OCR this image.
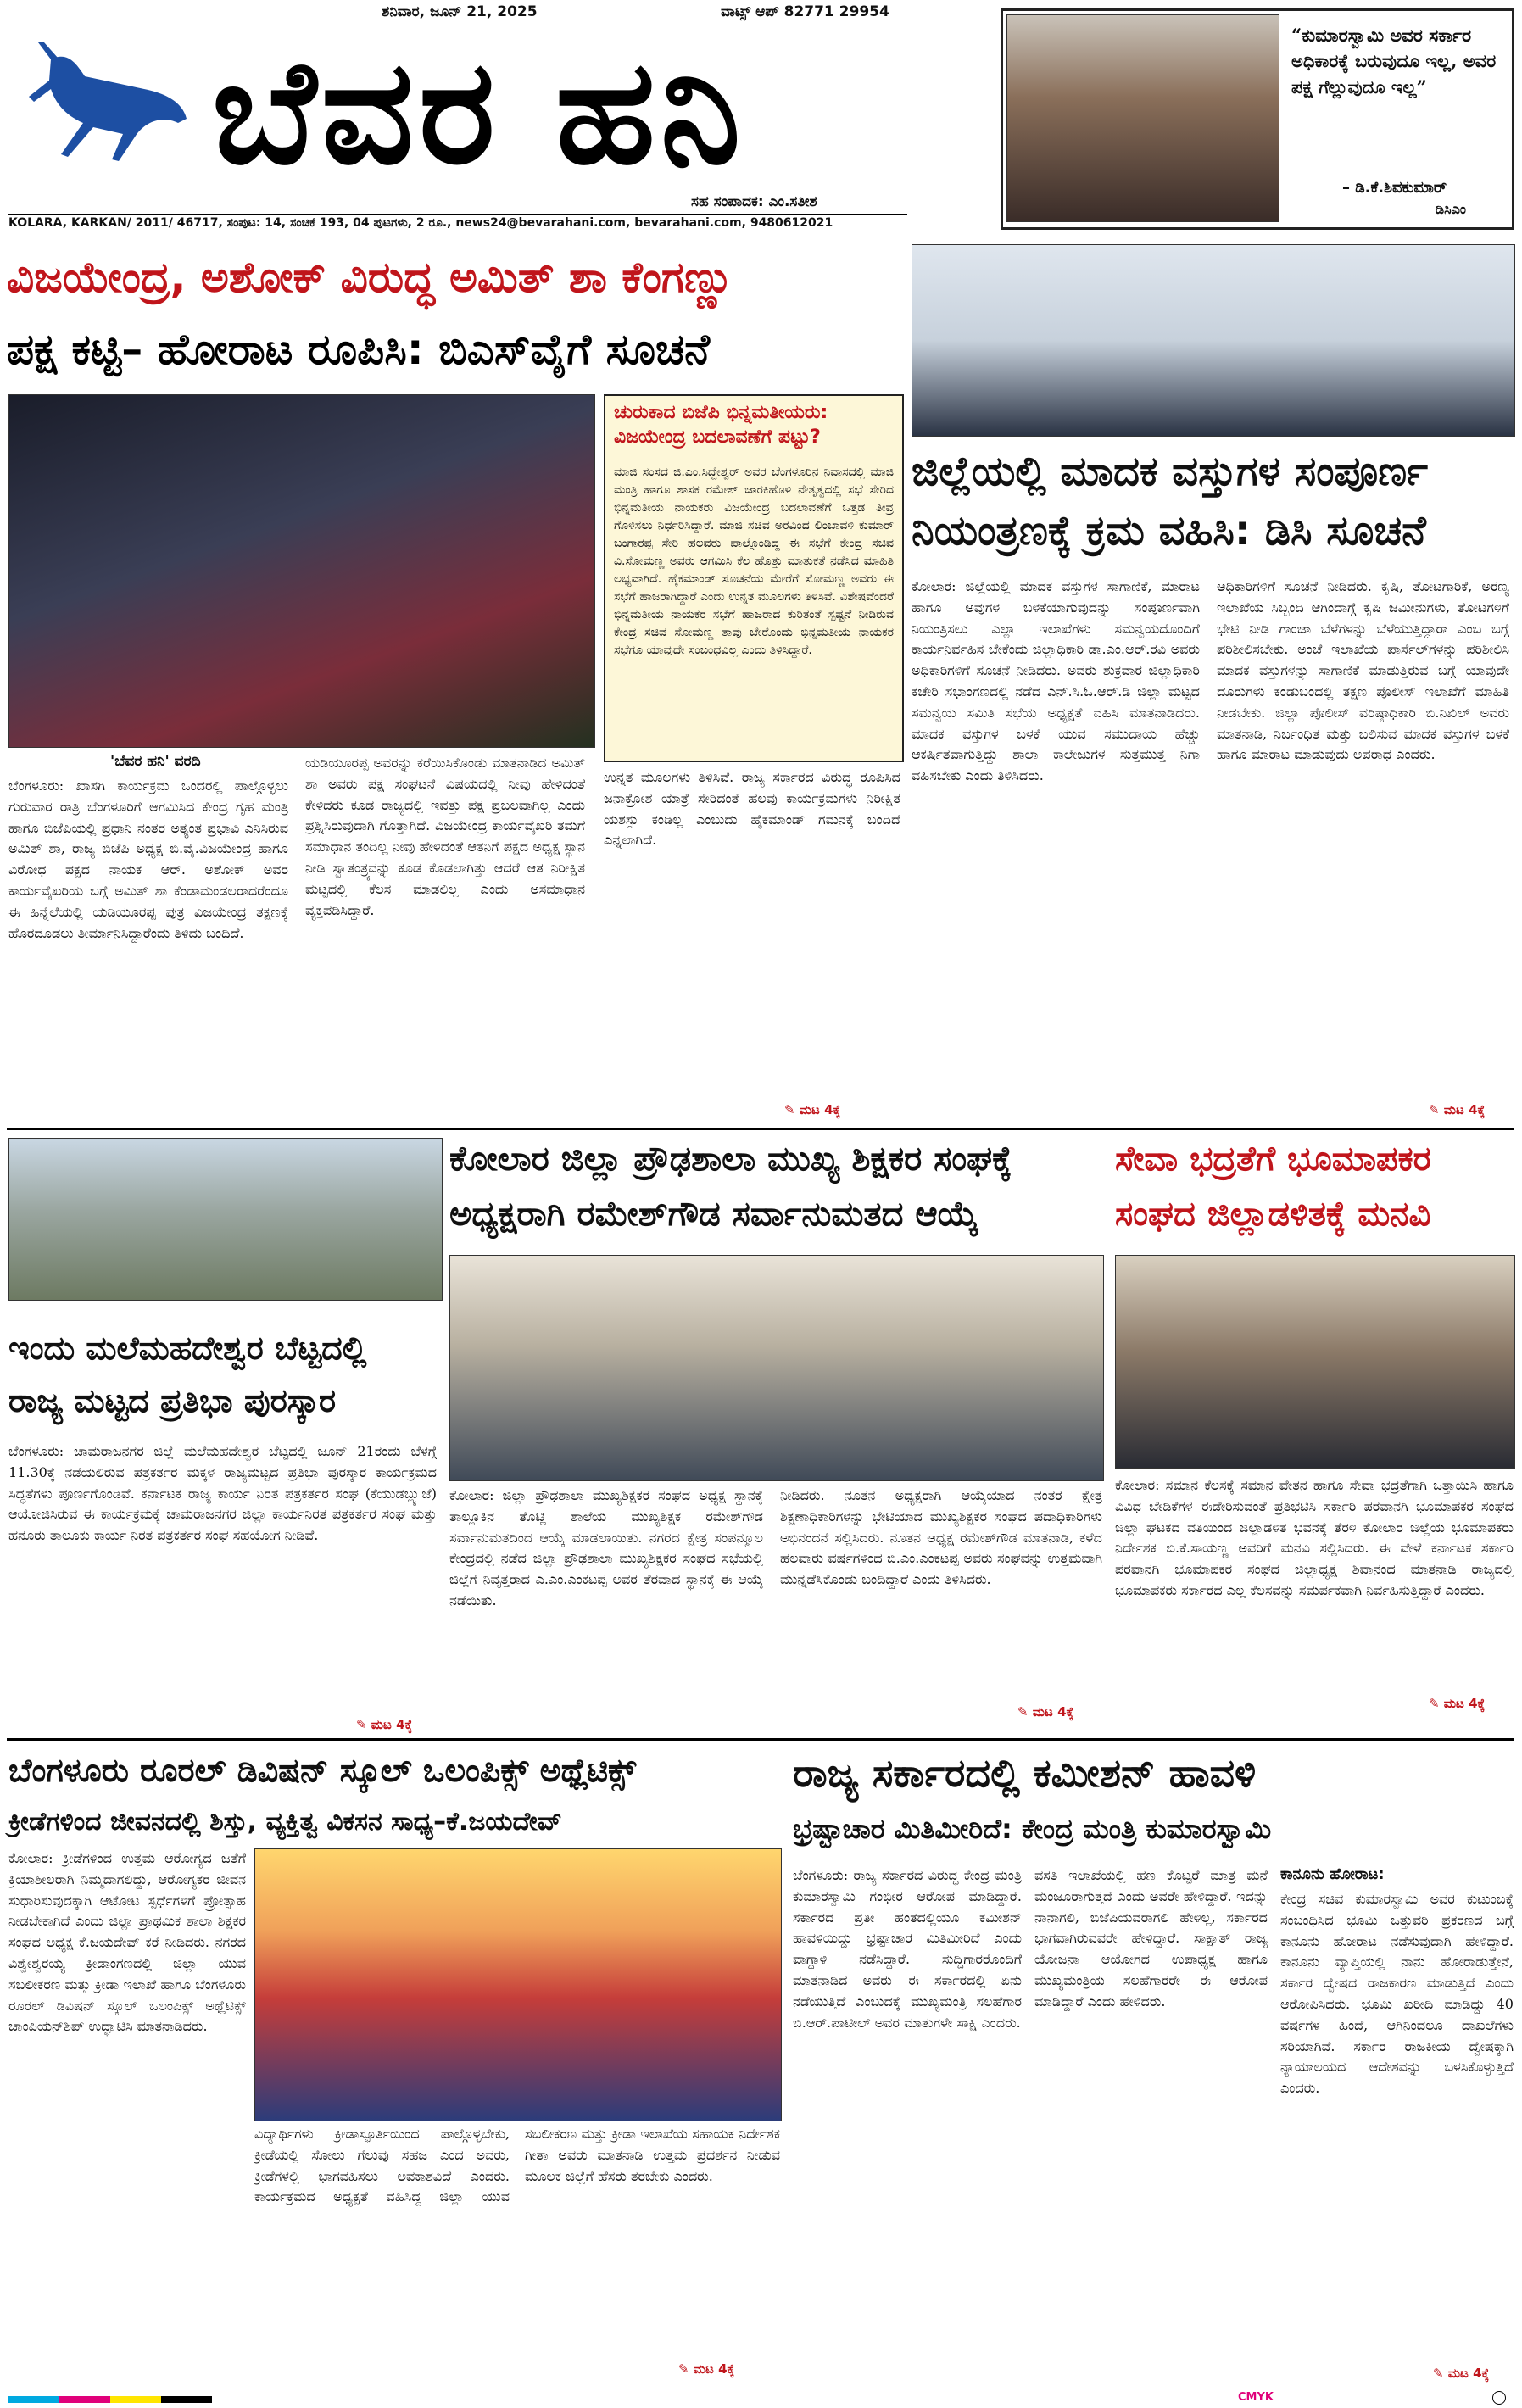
ಶನಿವಾರ, ಜೂನ್ 21, 2025	ವಾಟ್ಸ್ ಆಪ್ 82771 29954
ಬೆವರ ಹನಿ
ಸಹ ಸಂಪಾದಕ: ಎಂ.ಸತೀಶ
KOLARA, KARKAN/ 2011/ 46717, ಸಂಪುಟ: 14, ಸಂಚಿಕೆ 193, 04 ಪುಟಗಳು, 2 ರೂ., news24@bevarahani.com, bevarahani.com, 9480612021
“ಕುಮಾರಸ್ವಾಮಿ ಅವರ ಸರ್ಕಾರ ಅಧಿಕಾರಕ್ಕೆ ಬರುವುದೂ ಇಲ್ಲ, ಅವರ ಪಕ್ಷ ಗೆಲ್ಲುವುದೂ ಇಲ್ಲ”
– ಡಿ.ಕೆ.ಶಿವಕುಮಾರ್
ಡಿಸಿಎಂ
ವಿಜಯೇಂದ್ರ, ಅಶೋಕ್ ವಿರುದ್ಧ ಅಮಿತ್ ಶಾ ಕೆಂಗಣ್ಣು
ಪಕ್ಷ ಕಟ್ಟಿ– ಹೋರಾಟ ರೂಪಿಸಿ: ಬಿಎಸ್‌ವೈಗೆ ಸೂಚನೆ
ಚುರುಕಾದ ಬಿಜೆಪಿ ಭಿನ್ನಮತೀಯರು: ವಿಜಯೇಂದ್ರ ಬದಲಾವಣೆಗೆ ಪಟ್ಟು?
ಮಾಜಿ ಸಂಸದ ಜಿ.ಎಂ.ಸಿದ್ದೇಶ್ವರ್ ಅವರ ಬೆಂಗಳೂರಿನ ನಿವಾಸದಲ್ಲಿ ಮಾಜಿ ಮಂತ್ರಿ ಹಾಗೂ ಶಾಸಕ ರಮೇಶ್ ಜಾರಕಿಹೊಳಿ ನೇತೃತ್ವದಲ್ಲಿ ಸಭೆ ಸೇರಿದ ಭಿನ್ನಮತೀಯ ನಾಯಕರು ವಿಜಯೇಂದ್ರ ಬದಲಾವಣೆಗೆ ಒತ್ತಡ ತೀವ್ರ ಗೊಳಿಸಲು ನಿರ್ಧರಿಸಿದ್ದಾರೆ. ಮಾಜಿ ಸಚಿವ ಅರವಿಂದ ಲಿಂಬಾವಳಿ ಕುಮಾರ್ ಬಂಗಾರಪ್ಪ ಸೇರಿ ಹಲವರು ಪಾಲ್ಗೊಂಡಿದ್ದ ಈ ಸಭೆಗೆ ಕೇಂದ್ರ ಸಚಿವ ವಿ.ಸೋಮಣ್ಣ ಅವರು ಆಗಮಿಸಿ ಕೆಲ ಹೊತ್ತು ಮಾತುಕತೆ ನಡೆಸಿದ ಮಾಹಿತಿ ಲಭ್ಯವಾಗಿದೆ. ಹೈಕಮಾಂಡ್ ಸೂಚನೆಯ ಮೇರೆಗೆ ಸೋಮಣ್ಣ ಅವರು ಈ ಸಭೆಗೆ ಹಾಜರಾಗಿದ್ದಾರೆ ಎಂದು ಉನ್ನತ ಮೂಲಗಳು ತಿಳಿಸಿವೆ. ವಿಶೇಷವೆಂದರೆ ಭಿನ್ನಮತೀಯ ನಾಯಕರ ಸಭೆಗೆ ಹಾಜರಾದ ಕುರಿತಂತೆ ಸ್ಪಷ್ಟನೆ ನೀಡಿರುವ ಕೇಂದ್ರ ಸಚಿವ ಸೋಮಣ್ಣ ತಾವು ಬೇರೊಂದು ಭಿನ್ನಮತೀಯ ನಾಯಕರ ಸಭೆಗೂ ಯಾವುದೇ ಸಂಬಂಧವಿಲ್ಲ ಎಂದು ತಿಳಿಸಿದ್ದಾರೆ.
'ಬೆವರ ಹನಿ' ವರದಿ
ಬೆಂಗಳೂರು: ಖಾಸಗಿ ಕಾರ್ಯಕ್ರಮ ಒಂದರಲ್ಲಿ ಪಾಲ್ಗೊಳ್ಳಲು ಗುರುವಾರ ರಾತ್ರಿ ಬೆಂಗಳೂರಿಗೆ ಆಗಮಿಸಿದ ಕೇಂದ್ರ ಗೃಹ ಮಂತ್ರಿ ಹಾಗೂ ಬಿಜೆಪಿಯಲ್ಲಿ ಪ್ರಧಾನಿ ನಂತರ ಅತ್ಯಂತ ಪ್ರಭಾವಿ ಎನಿಸಿರುವ ಅಮಿತ್ ಶಾ, ರಾಜ್ಯ ಬಿಜೆಪಿ ಅಧ್ಯಕ್ಷ ಬಿ.ವೈ.ವಿಜಯೇಂದ್ರ ಹಾಗೂ ವಿರೋಧ ಪಕ್ಷದ ನಾಯಕ ಆರ್. ಅಶೋಕ್ ಅವರ ಕಾರ್ಯವೈಖರಿಯ ಬಗ್ಗೆ ಅಮಿತ್ ಶಾ ಕೆಂಡಾಮಂಡಲರಾದರೆಂದೂ ಈ ಹಿನ್ನೆಲೆಯಲ್ಲಿ ಯಡಿಯೂರಪ್ಪ ಪುತ್ರ ವಿಜಯೇಂದ್ರ ತಕ್ಷಣಕ್ಕೆ ಹೊರದೂಡಲು ತೀರ್ಮಾನಿಸಿದ್ದಾರೆಂದು ತಿಳಿದು ಬಂದಿದೆ.
ಯಡಿಯೂರಪ್ಪ ಅವರನ್ನು ಕರೆಯಿಸಿಕೊಂಡು ಮಾತನಾಡಿದ ಅಮಿತ್ ಶಾ ಅವರು ಪಕ್ಷ ಸಂಘಟನೆ ವಿಷಯದಲ್ಲಿ ನೀವು ಹೇಳಿದಂತೆ ಕೇಳಿದರು ಕೂಡ ರಾಜ್ಯದಲ್ಲಿ ಇವತ್ತು ಪಕ್ಷ ಪ್ರಬಲವಾಗಿಲ್ಲ ಎಂದು ಪ್ರಶ್ನಿಸಿರುವುದಾಗಿ ಗೊತ್ತಾಗಿದೆ. ವಿಜಯೇಂದ್ರ ಕಾರ್ಯವೈಖರಿ ತಮಗೆ ಸಮಾಧಾನ ತಂದಿಲ್ಲ ನೀವು ಹೇಳಿದಂತೆ ಆತನಿಗೆ ಪಕ್ಷದ ಅಧ್ಯಕ್ಷ ಸ್ಥಾನ ನೀಡಿ ಸ್ವಾತಂತ್ರ್ಯವನ್ನು ಕೂಡ ಕೊಡಲಾಗಿತ್ತು ಆದರೆ ಆತ ನಿರೀಕ್ಷಿತ ಮಟ್ಟದಲ್ಲಿ ಕೆಲಸ ಮಾಡಲಿಲ್ಲ ಎಂದು ಅಸಮಾಧಾನ ವ್ಯಕ್ತಪಡಿಸಿದ್ದಾರೆ.
ಉನ್ನತ ಮೂಲಗಳು ತಿಳಿಸಿವೆ. ರಾಜ್ಯ ಸರ್ಕಾರದ ವಿರುದ್ಧ ರೂಪಿಸಿದ ಜನಾಕ್ರೋಶ ಯಾತ್ರೆ ಸೇರಿದಂತೆ ಹಲವು ಕಾರ್ಯಕ್ರಮಗಳು ನಿರೀಕ್ಷಿತ ಯಶಸ್ಸು ಕಂಡಿಲ್ಲ ಎಂಬುದು ಹೈಕಮಾಂಡ್ ಗಮನಕ್ಕೆ ಬಂದಿದೆ ಎನ್ನಲಾಗಿದೆ.
✎ ಮಟ 4ಕ್ಕೆ
ಜಿಲ್ಲೆಯಲ್ಲಿ ಮಾದಕ ವಸ್ತುಗಳ ಸಂಪೂರ್ಣ
ನಿಯಂತ್ರಣಕ್ಕೆ ಕ್ರಮ ವಹಿಸಿ: ಡಿಸಿ ಸೂಚನೆ
ಕೋಲಾರ: ಜಿಲ್ಲೆಯಲ್ಲಿ ಮಾದಕ ವಸ್ತುಗಳ ಸಾಗಾಣಿಕೆ, ಮಾರಾಟ ಹಾಗೂ ಅವುಗಳ ಬಳಕೆಯಾಗುವುದನ್ನು ಸಂಪೂರ್ಣವಾಗಿ ನಿಯಂತ್ರಿಸಲು ಎಲ್ಲಾ ಇಲಾಖೆಗಳು ಸಮನ್ವಯದೊಂದಿಗೆ ಕಾರ್ಯನಿರ್ವಹಿಸ ಬೇಕೆಂದು ಜಿಲ್ಲಾಧಿಕಾರಿ ಡಾ.ಎಂ.ಆರ್.ರವಿ ಅವರು ಅಧಿಕಾರಿಗಳಿಗೆ ಸೂಚನೆ ನೀಡಿದರು. ಅವರು ಶುಕ್ರವಾರ ಜಿಲ್ಲಾಧಿಕಾರಿ ಕಚೇರಿ ಸಭಾಂಗಣದಲ್ಲಿ ನಡೆದ ಎನ್.ಸಿ.ಓ.ಆರ್.ಡಿ ಜಿಲ್ಲಾ ಮಟ್ಟದ ಸಮನ್ವಯ ಸಮಿತಿ ಸಭೆಯ ಅಧ್ಯಕ್ಷತೆ ವಹಿಸಿ ಮಾತನಾಡಿದರು. ಮಾದಕ ವಸ್ತುಗಳ ಬಳಕೆ ಯುವ ಸಮುದಾಯ ಹೆಚ್ಚು ಆಕರ್ಷಿತವಾಗುತ್ತಿದ್ದು ಶಾಲಾ ಕಾಲೇಜುಗಳ ಸುತ್ತಮುತ್ತ ನಿಗಾ ವಹಿಸಬೇಕು ಎಂದು ತಿಳಿಸಿದರು.
ಅಧಿಕಾರಿಗಳಿಗೆ ಸೂಚನೆ ನೀಡಿದರು. ಕೃಷಿ, ತೋಟಗಾರಿಕೆ, ಅರಣ್ಯ ಇಲಾಖೆಯ ಸಿಬ್ಬಂದಿ ಆಗಿಂದಾಗ್ಗೆ ಕೃಷಿ ಜಮೀನುಗಳು, ತೋಟಗಳಿಗೆ ಭೇಟಿ ನೀಡಿ ಗಾಂಜಾ ಬೆಳೆಗಳನ್ನು ಬೆಳೆಯುತ್ತಿದ್ದಾರಾ ಎಂಬ ಬಗ್ಗೆ ಪರಿಶೀಲಿಸಬೇಕು. ಅಂಚೆ ಇಲಾಖೆಯ ಪಾರ್ಸೆಲ್‌ಗಳನ್ನು ಪರಿಶೀಲಿಸಿ ಮಾದಕ ವಸ್ತುಗಳನ್ನು ಸಾಗಾಣಿಕೆ ಮಾಡುತ್ತಿರುವ ಬಗ್ಗೆ ಯಾವುದೇ ದೂರುಗಳು ಕಂಡುಬಂದಲ್ಲಿ ತಕ್ಷಣ ಪೊಲೀಸ್ ಇಲಾಖೆಗೆ ಮಾಹಿತಿ ನೀಡಬೇಕು. ಜಿಲ್ಲಾ ಪೊಲೀಸ್ ವರಿಷ್ಠಾಧಿಕಾರಿ ಬಿ.ನಿಖಿಲ್ ಅವರು ಮಾತನಾಡಿ, ನಿರ್ಬಂಧಿತ ಮತ್ತು ಬಲಿಸುವ ಮಾದಕ ವಸ್ತುಗಳ ಬಳಕೆ ಹಾಗೂ ಮಾರಾಟ ಮಾಡುವುದು ಅಪರಾಧ ಎಂದರು.
✎ ಮಟ 4ಕ್ಕೆ
ಇಂದು ಮಲೆಮಹದೇಶ್ವರ ಬೆಟ್ಟದಲ್ಲಿ
ರಾಜ್ಯ ಮಟ್ಟದ ಪ್ರತಿಭಾ ಪುರಸ್ಕಾರ
ಬೆಂಗಳೂರು: ಚಾಮರಾಜನಗರ ಜಿಲ್ಲೆ ಮಲೆಮಹದೇಶ್ವರ ಬೆಟ್ಟದಲ್ಲಿ ಜೂನ್ 21ರಂದು ಬೆಳಗ್ಗೆ 11.30ಕ್ಕೆ ನಡೆಯಲಿರುವ ಪತ್ರಕರ್ತರ ಮಕ್ಕಳ ರಾಜ್ಯಮಟ್ಟದ ಪ್ರತಿಭಾ ಪುರಸ್ಕಾರ ಕಾರ್ಯಕ್ರಮದ ಸಿದ್ಧತೆಗಳು ಪೂರ್ಣಗೊಂಡಿವೆ. ಕರ್ನಾಟಕ ರಾಜ್ಯ ಕಾರ್ಯ ನಿರತ ಪತ್ರಕರ್ತರ ಸಂಘ (ಕೆಯುಡಬ್ಲ್ಯುಜೆ) ಆಯೋಜಿಸಿರುವ ಈ ಕಾರ್ಯಕ್ರಮಕ್ಕೆ ಚಾಮರಾಜನಗರ ಜಿಲ್ಲಾ ಕಾರ್ಯನಿರತ ಪತ್ರಕರ್ತರ ಸಂಘ ಮತ್ತು ಹನೂರು ತಾಲೂಕು ಕಾರ್ಯ ನಿರತ ಪತ್ರಕರ್ತರ ಸಂಘ ಸಹಯೋಗ ನೀಡಿವೆ.
✎ ಮಟ 4ಕ್ಕೆ
ಕೋಲಾರ ಜಿಲ್ಲಾ ಪ್ರೌಢಶಾಲಾ ಮುಖ್ಯ ಶಿಕ್ಷಕರ ಸಂಘಕ್ಕೆ
ಅಧ್ಯಕ್ಷರಾಗಿ ರಮೇಶ್‌ಗೌಡ ಸರ್ವಾನುಮತದ ಆಯ್ಕೆ
ಕೋಲಾರ: ಜಿಲ್ಲಾ ಪ್ರೌಢಶಾಲಾ ಮುಖ್ಯಶಿಕ್ಷಕರ ಸಂಘದ ಅಧ್ಯಕ್ಷ ಸ್ಥಾನಕ್ಕೆ ತಾಲ್ಲೂಕಿನ ತೊಟ್ಲಿ ಶಾಲೆಯ ಮುಖ್ಯಶಿಕ್ಷಕ ರಮೇಶ್‌ಗೌಡ ಸರ್ವಾನುಮತದಿಂದ ಆಯ್ಕೆ ಮಾಡಲಾಯಿತು. ನಗರದ ಕ್ಷೇತ್ರ ಸಂಪನ್ಮೂಲ ಕೇಂದ್ರದಲ್ಲಿ ನಡೆದ ಜಿಲ್ಲಾ ಪ್ರೌಢಶಾಲಾ ಮುಖ್ಯಶಿಕ್ಷಕರ ಸಂಘದ ಸಭೆಯಲ್ಲಿ ಜಿಲ್ಲೆಗೆ ನಿವೃತ್ತರಾದ ಎ.ಎಂ.ಎಂಕಟಪ್ಪ ಅವರ ತೆರವಾದ ಸ್ಥಾನಕ್ಕೆ ಈ ಆಯ್ಕೆ ನಡೆಯಿತು.
ನೀಡಿದರು. ನೂತನ ಅಧ್ಯಕ್ಷರಾಗಿ ಆಯ್ಕೆಯಾದ ನಂತರ ಕ್ಷೇತ್ರ ಶಿಕ್ಷಣಾಧಿಕಾರಿಗಳನ್ನು ಭೇಟಿಯಾದ ಮುಖ್ಯಶಿಕ್ಷಕರ ಸಂಘದ ಪದಾಧಿಕಾರಿಗಳು ಅಭಿನಂದನೆ ಸಲ್ಲಿಸಿದರು. ನೂತನ ಅಧ್ಯಕ್ಷ ರಮೇಶ್‌ಗೌಡ ಮಾತನಾಡಿ, ಕಳೆದ ಹಲವಾರು ವರ್ಷಗಳಿಂದ ಬಿ.ಎಂ.ಎಂಕಟಪ್ಪ ಅವರು ಸಂಘವನ್ನು ಉತ್ತಮವಾಗಿ ಮುನ್ನಡೆಸಿಕೊಂಡು ಬಂದಿದ್ದಾರೆ ಎಂದು ತಿಳಿಸಿದರು.
✎ ಮಟ 4ಕ್ಕೆ
ಸೇವಾ ಭದ್ರತೆಗೆ ಭೂಮಾಪಕರ
ಸಂಘದ ಜಿಲ್ಲಾಡಳಿತಕ್ಕೆ ಮನವಿ
ಕೋಲಾರ: ಸಮಾನ ಕೆಲಸಕ್ಕೆ ಸಮಾನ ವೇತನ ಹಾಗೂ ಸೇವಾ ಭದ್ರತೆಗಾಗಿ ಒತ್ತಾಯಿಸಿ ಹಾಗೂ ವಿವಿಧ ಬೇಡಿಕೆಗಳ ಈಡೇರಿಸುವಂತೆ ಪ್ರತಿಭಟಿಸಿ ಸರ್ಕಾರಿ ಪರವಾನಗಿ ಭೂಮಾಪಕರ ಸಂಘದ ಜಿಲ್ಲಾ ಘಟಕದ ವತಿಯಿಂದ ಜಿಲ್ಲಾಡಳಿತ ಭವನಕ್ಕೆ ತೆರಳಿ ಕೋಲಾರ ಜಿಲ್ಲೆಯ ಭೂಮಾಪಕರು ನಿರ್ದೇಶಕ ಬಿ.ಕೆ.ಸಾಯಣ್ಣ ಅವರಿಗೆ ಮನವಿ ಸಲ್ಲಿಸಿದರು. ಈ ವೇಳೆ ಕರ್ನಾಟಕ ಸರ್ಕಾರಿ ಪರವಾನಗಿ ಭೂಮಾಪಕರ ಸಂಘದ ಜಿಲ್ಲಾಧ್ಯಕ್ಷ ಶಿವಾನಂದ ಮಾತನಾಡಿ ರಾಜ್ಯದಲ್ಲಿ ಭೂಮಾಪಕರು ಸರ್ಕಾರದ ಎಲ್ಲ ಕೆಲಸವನ್ನು ಸಮರ್ಪಕವಾಗಿ ನಿರ್ವಹಿಸುತ್ತಿದ್ದಾರೆ ಎಂದರು.
✎ ಮಟ 4ಕ್ಕೆ
ಬೆಂಗಳೂರು ರೂರಲ್ ಡಿವಿಷನ್ ಸ್ಕೂಲ್ ಒಲಂಪಿಕ್ಸ್ ಅಥ್ಲೆಟಿಕ್ಸ್
ಕ್ರೀಡೆಗಳಿಂದ ಜೀವನದಲ್ಲಿ ಶಿಸ್ತು, ವ್ಯಕ್ತಿತ್ವ ವಿಕಸನ ಸಾಧ್ಯ–ಕೆ.ಜಯದೇವ್
ಕೋಲಾರ: ಕ್ರೀಡೆಗಳಿಂದ ಉತ್ತಮ ಆರೋಗ್ಯದ ಜತೆಗೆ ಕ್ರಿಯಾಶೀಲರಾಗಿ ನಿಮ್ಮದಾಗಲಿದ್ದು, ಆರೋಗ್ಯಕರ ಜೀವನ ಸುಧಾರಿಸುವುದಕ್ಕಾಗಿ ಆಟೋಟ ಸ್ಪರ್ಧೆಗಳಿಗೆ ಪ್ರೋತ್ಸಾಹ ನೀಡಬೇಕಾಗಿದೆ ಎಂದು ಜಿಲ್ಲಾ ಪ್ರಾಥಮಿಕ ಶಾಲಾ ಶಿಕ್ಷಕರ ಸಂಘದ ಅಧ್ಯಕ್ಷ ಕೆ.ಜಯದೇವ್ ಕರೆ ನೀಡಿದರು. ನಗರದ ವಿಶ್ವೇಶ್ವರಯ್ಯ ಕ್ರೀಡಾಂಗಣದಲ್ಲಿ ಜಿಲ್ಲಾ ಯುವ ಸಬಲೀಕರಣ ಮತ್ತು ಕ್ರೀಡಾ ಇಲಾಖೆ ಹಾಗೂ ಬೆಂಗಳೂರು ರೂರಲ್ ಡಿವಿಷನ್ ಸ್ಕೂಲ್ ಒಲಂಪಿಕ್ಸ್ ಅಥ್ಲೆಟಿಕ್ಸ್ ಚಾಂಪಿಯನ್‌ಶಿಪ್ ಉದ್ಘಾಟಿಸಿ ಮಾತನಾಡಿದರು.
ವಿದ್ಯಾರ್ಥಿಗಳು ಕ್ರೀಡಾಸ್ಫೂರ್ತಿಯಿಂದ ಪಾಲ್ಗೊಳ್ಳಬೇಕು, ಕ್ರೀಡೆಯಲ್ಲಿ ಸೋಲು ಗೆಲುವು ಸಹಜ ಎಂದ ಅವರು, ಕ್ರೀಡೆಗಳಲ್ಲಿ ಭಾಗವಹಿಸಲು ಅವಕಾಶವಿದೆ ಎಂದರು. ಕಾರ್ಯಕ್ರಮದ ಅಧ್ಯಕ್ಷತೆ ವಹಿಸಿದ್ದ ಜಿಲ್ಲಾ ಯುವ ಸಬಲೀಕರಣ ಮತ್ತು ಕ್ರೀಡಾ ಇಲಾಖೆಯ ಸಹಾಯಕ ನಿರ್ದೇಶಕ ಗೀತಾ ಅವರು ಮಾತನಾಡಿ ಉತ್ತಮ ಪ್ರದರ್ಶನ ನೀಡುವ ಮೂಲಕ ಜಿಲ್ಲೆಗೆ ಹೆಸರು ತರಬೇಕು ಎಂದರು.
✎ ಮಟ 4ಕ್ಕೆ
ರಾಜ್ಯ ಸರ್ಕಾರದಲ್ಲಿ ಕಮೀಶನ್ ಹಾವಳಿ
ಭ್ರಷ್ಟಾಚಾರ ಮಿತಿಮೀರಿದೆ: ಕೇಂದ್ರ ಮಂತ್ರಿ ಕುಮಾರಸ್ವಾಮಿ
ಬೆಂಗಳೂರು: ರಾಜ್ಯ ಸರ್ಕಾರದ ವಿರುದ್ಧ ಕೇಂದ್ರ ಮಂತ್ರಿ ಕುಮಾರಸ್ವಾಮಿ ಗಂಭೀರ ಆರೋಪ ಮಾಡಿದ್ದಾರೆ. ಸರ್ಕಾರದ ಪ್ರತೀ ಹಂತದಲ್ಲಿಯೂ ಕಮೀಶನ್ ಹಾವಳಿಯಿದ್ದು ಭ್ರಷ್ಟಾಚಾರ ಮಿತಿಮೀರಿದೆ ಎಂದು ವಾಗ್ದಾಳಿ ನಡೆಸಿದ್ದಾರೆ. ಸುದ್ದಿಗಾರರೊಂದಿಗೆ ಮಾತನಾಡಿದ ಅವರು ಈ ಸರ್ಕಾರದಲ್ಲಿ ಏನು ನಡೆಯುತ್ತಿದೆ ಎಂಬುದಕ್ಕೆ ಮುಖ್ಯಮಂತ್ರಿ ಸಲಹೆಗಾರ ಬಿ.ಆರ್.ಪಾಟೀಲ್ ಅವರ ಮಾತುಗಳೇ ಸಾಕ್ಷಿ ಎಂದರು.
ವಸತಿ ಇಲಾಖೆಯಲ್ಲಿ ಹಣ ಕೊಟ್ಟರೆ ಮಾತ್ರ ಮನೆ ಮಂಜೂರಾಗುತ್ತದೆ ಎಂದು ಅವರೇ ಹೇಳಿದ್ದಾರೆ. ಇದನ್ನು ನಾನಾಗಲಿ, ಬಿಜೆಪಿಯವರಾಗಲಿ ಹೇಳಿಲ್ಲ, ಸರ್ಕಾರದ ಭಾಗವಾಗಿರುವವರೇ ಹೇಳಿದ್ದಾರೆ. ಸಾಕ್ಷಾತ್ ರಾಜ್ಯ ಯೋಜನಾ ಆಯೋಗದ ಉಪಾಧ್ಯಕ್ಷ ಹಾಗೂ ಮುಖ್ಯಮಂತ್ರಿಯ ಸಲಹೆಗಾರರೇ ಈ ಆರೋಪ ಮಾಡಿದ್ದಾರೆ ಎಂದು ಹೇಳಿದರು.
ಕಾನೂನು ಹೋರಾಟ:
ಕೇಂದ್ರ ಸಚಿವ ಕುಮಾರಸ್ವಾಮಿ ಅವರ ಕುಟುಂಬಕ್ಕೆ ಸಂಬಂಧಿಸಿದ ಭೂಮಿ ಒತ್ತುವರಿ ಪ್ರಕರಣದ ಬಗ್ಗೆ ಕಾನೂನು ಹೋರಾಟ ನಡೆಸುವುದಾಗಿ ಹೇಳಿದ್ದಾರೆ. ಕಾನೂನು ವ್ಯಾಪ್ತಿಯಲ್ಲಿ ನಾನು ಹೋರಾಡುತ್ತೇನೆ, ಸರ್ಕಾರ ದ್ವೇಷದ ರಾಜಕಾರಣ ಮಾಡುತ್ತಿದೆ ಎಂದು ಆರೋಪಿಸಿದರು. ಭೂಮಿ ಖರೀದಿ ಮಾಡಿದ್ದು 40 ವರ್ಷಗಳ ಹಿಂದೆ, ಆಗಿನಿಂದಲೂ ದಾಖಲೆಗಳು ಸರಿಯಾಗಿವೆ. ಸರ್ಕಾರ ರಾಜಕೀಯ ದ್ವೇಷಕ್ಕಾಗಿ ನ್ಯಾಯಾಲಯದ ಆದೇಶವನ್ನು ಬಳಸಿಕೊಳ್ಳುತ್ತಿದೆ ಎಂದರು.
✎ ಮಟ 4ಕ್ಕೆ
CMYK
